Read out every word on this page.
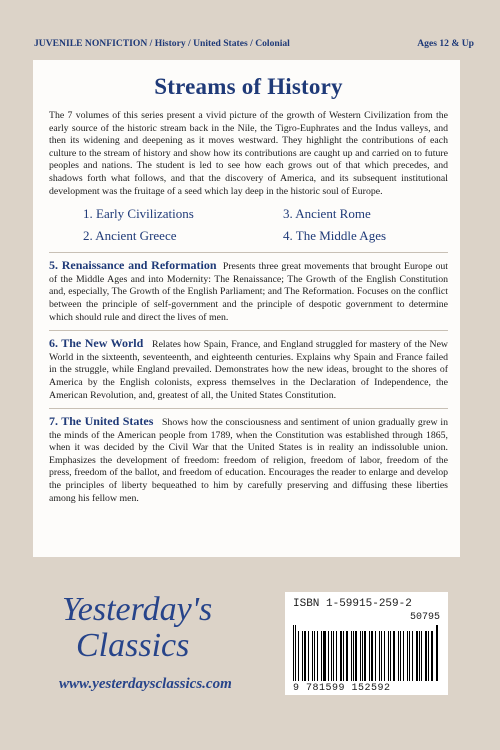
JUVENILE NONFICTION / History / United States / Colonial	Ages 12 & Up
Streams of History

The 7 volumes of this series present a vivid picture of the growth of Western Civilization from the early source of the historic stream back in the Nile, the Tigro-Euphrates and the Indus valleys, and then its widening and deepening as it moves westward. They highlight the contributions of each culture to the stream of history and show how its contributions are caught up and carried on to future peoples and nations. The student is led to see how each grows out of that which precedes, and shadows forth what follows, and that the discovery of America, and its subsequent institutional development was the fruitage of a seed which lay deep in the historic soul of Europe.

1. Early Civilizations	3. Ancient Rome
2. Ancient Greece	4. The Middle Ages

5. Renaissance and Reformation Presents three great movements that brought Europe out of the Middle Ages and into Modernity: The Renaissance; The Growth of the English Constitution and, especially, The Growth of the English Parliament; and The Reformation. Focuses on the conflict between the principle of self-government and the principle of despotic government to determine which should rule and direct the lives of men.

6. The New World Relates how Spain, France, and England struggled for mastery of the New World in the sixteenth, seventeenth, and eighteenth centuries. Explains why Spain and France failed in the struggle, while England prevailed. Demonstrates how the new ideas, brought to the shores of America by the English colonists, express themselves in the Declaration of Independence, the American Revolution, and, greatest of all, the United States Constitution.

7. The United States Shows how the consciousness and sentiment of union gradually grew in the minds of the American people from 1789, when the Constitution was established through 1865, when it was decided by the Civil War that the United States is in reality an indissoluble union. Emphasizes the development of freedom: freedom of religion, freedom of labor, freedom of the press, freedom of the ballot, and freedom of education. Encourages the reader to enlarge and develop the principles of liberty bequeathed to him by carefully preserving and diffusing these liberties among his fellow men.

Yesterday's
Classics
www.yesterdaysclassics.com
ISBN 1-59915-259-2
50795
9 781599 152592
